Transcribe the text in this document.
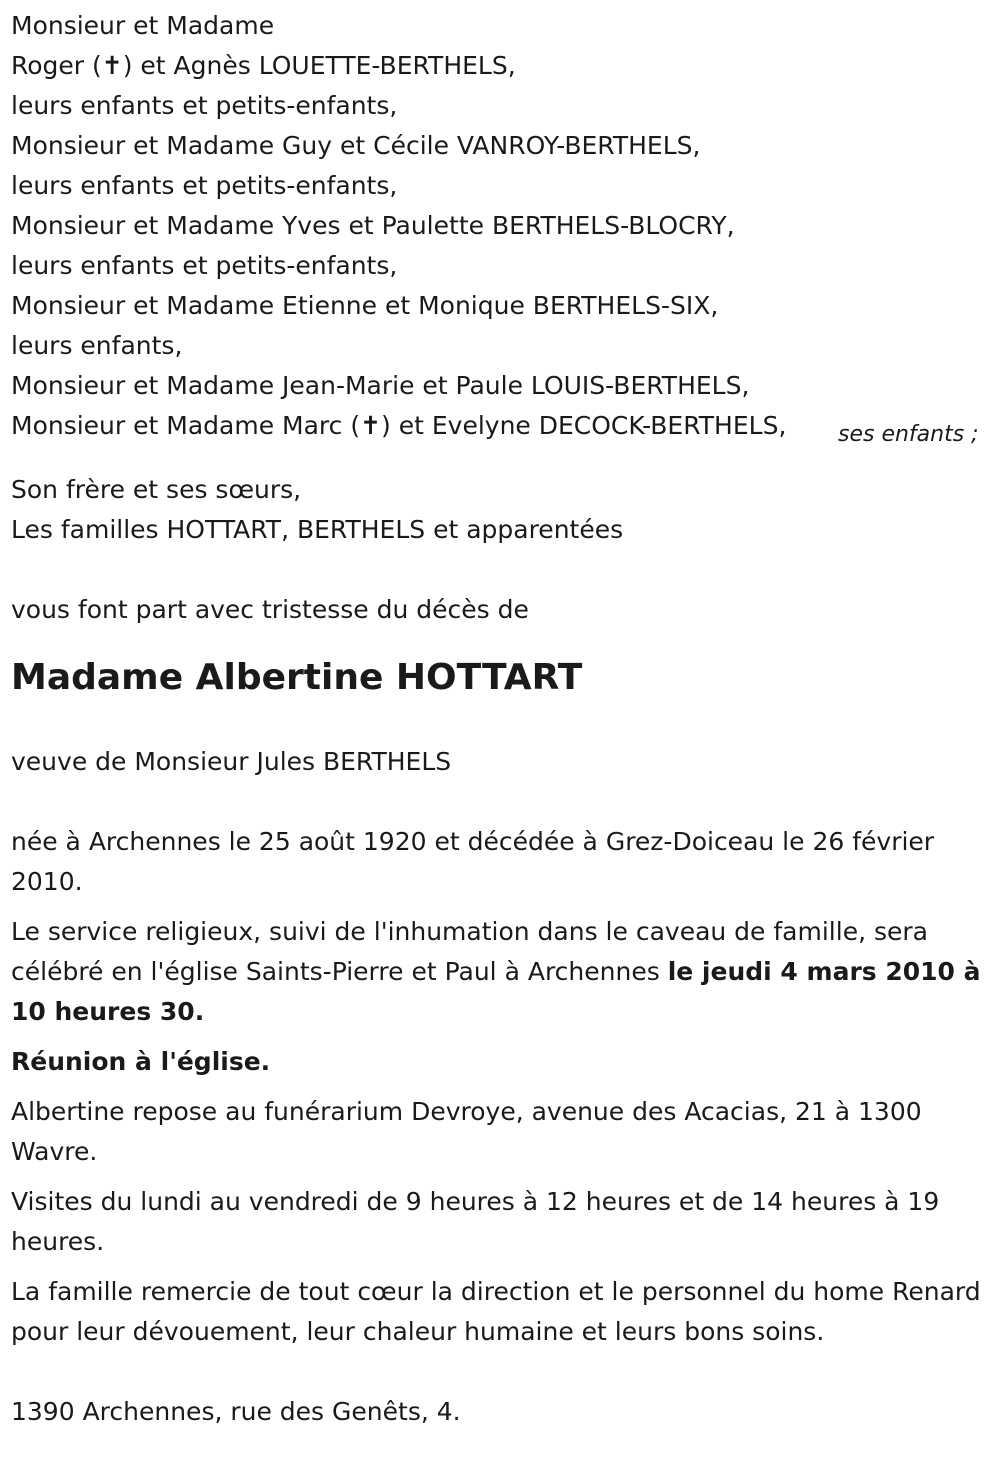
Monsieur et Madame
Roger (✝) et Agnès LOUETTE-BERTHELS,
leurs enfants et petits-enfants,
Monsieur et Madame Guy et Cécile VANROY-BERTHELS,
leurs enfants et petits-enfants,
Monsieur et Madame Yves et Paulette BERTHELS-BLOCRY,
leurs enfants et petits-enfants,
Monsieur et Madame Etienne et Monique BERTHELS-SIX,
leurs enfants,
Monsieur et Madame Jean-Marie et Paule LOUIS-BERTHELS,
Monsieur et Madame Marc (✝) et Evelyne DECOCK-BERTHELS, ses enfants ;
Son frère et ses sœurs,
Les familles HOTTART, BERTHELS et apparentées
vous font part avec tristesse du décès de
Madame Albertine HOTTART
veuve de Monsieur Jules BERTHELS
née à Archennes le 25 août 1920 et décédée à Grez-Doiceau le 26 février 2010.
Le service religieux, suivi de l'inhumation dans le caveau de famille, sera célébré en l'église Saints-Pierre et Paul à Archennes le jeudi 4 mars 2010 à 10 heures 30.
Réunion à l'église.
Albertine repose au funérarium Devroye, avenue des Acacias, 21 à 1300 Wavre.
Visites du lundi au vendredi de 9 heures à 12 heures et de 14 heures à 19 heures.
La famille remercie de tout cœur la direction et le personnel du home Renard pour leur dévouement, leur chaleur humaine et leurs bons soins.
1390 Archennes, rue des Genêts, 4.
